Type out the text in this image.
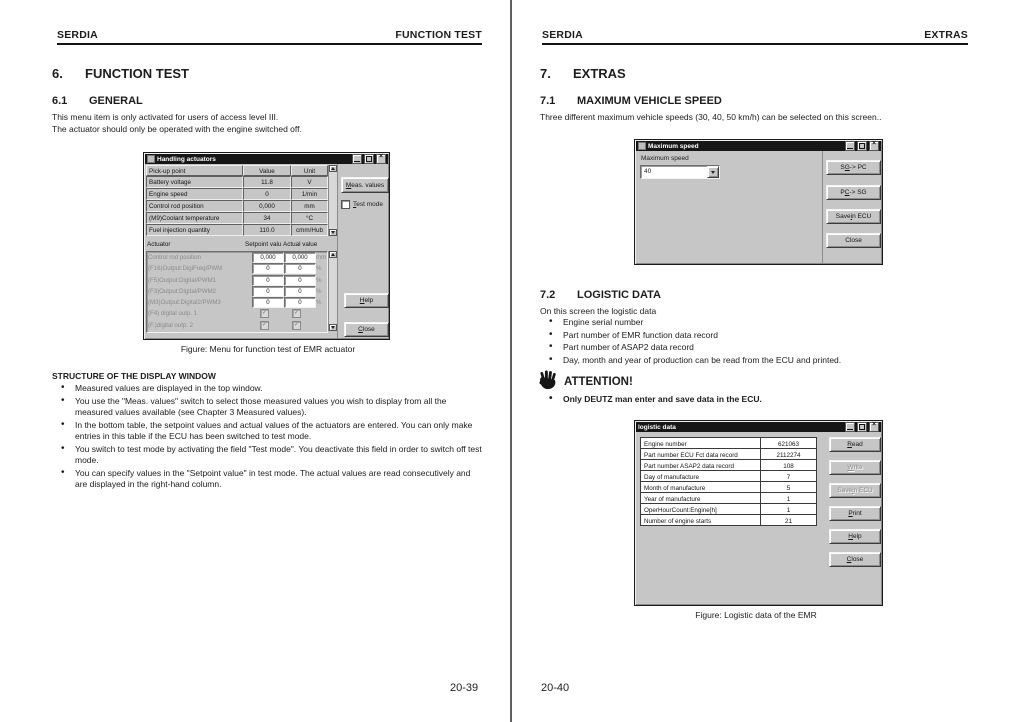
SERDIA	FUNCTION TEST
6. FUNCTION TEST
6.1 GENERAL
This menu item is only activated for users of access level III.
The actuator should only be operated with the engine switched off.
Handling actuators	×
Pick-up point	Value	Unit
Battery voltage	11.8	V
Engine speed	0	1/min
Control rod position	0,000	mm
(M9)Coolant temperature	34	°C
Fuel injection quantity	110.0	cmm/Hub
M eas. values
Test mode
Actuator	Setpoint valu Actual value
Control rod position	0,000	0,000	mm
(F16)Output:DigiFreq/PWM	0	0	%
(F5)Output:Digital/PWM1	0	0	%
(F3)Output:Digital/PWM2	0	0	%
(M3)Output:Digital2/PWM3	0	0	%
(F4) digital outp. 1	✓	✓
(F.)digital outp. 2	✓	✓
H elp
C lose
Figure: Menu for function test of EMR actuator
STRUCTURE OF THE DISPLAY WINDOW
• Measured values are displayed in the top window.
• You use the "Meas. values" switch to select those measured values you wish to display from all the measured values available (see Chapter 3 Measured values).
• In the bottom table, the setpoint values and actual values of the actuators are entered. You can only make entries in this table if the ECU has been switched to test mode.
• You switch to test mode by activating the field "Test mode". You deactivate this field in order to switch off test mode.
• You can specify values in the "Setpoint value" in test mode. The actual values are read consecutively and are displayed in the right-hand column.
20-39
SERDIA	EXTRAS
7. EXTRAS
7.1 MAXIMUM VEHICLE SPEED
Three different maximum vehicle speeds (30, 40, 50 km/h) can be selected on this screen..
Maximum speed	×
Maximum speed
40
S G -> PC
P C -> SG
Save i n ECU
Close
7.2 LOGISTIC DATA
On this screen the logistic data
• Engine serial number
• Part number of EMR function data record
• Part number of ASAP2 data record
• Day, month and year of production can be read from the ECU and printed.
ATTENTION!
• Only DEUTZ man enter and save data in the ECU.
logistic data	×
Engine number	621063
Part number ECU Fct data record	2112274
Part number ASAP2 data record	108
Day of manufacture	7
Month of manufacture	5
Year of manufacture	1
OperHourCount:Engine[h]	1
Number of engine starts	21
R ead
W rite
Save i n ECU
P rint
H elp
C lose
Figure: Logistic data of the EMR
20-40
